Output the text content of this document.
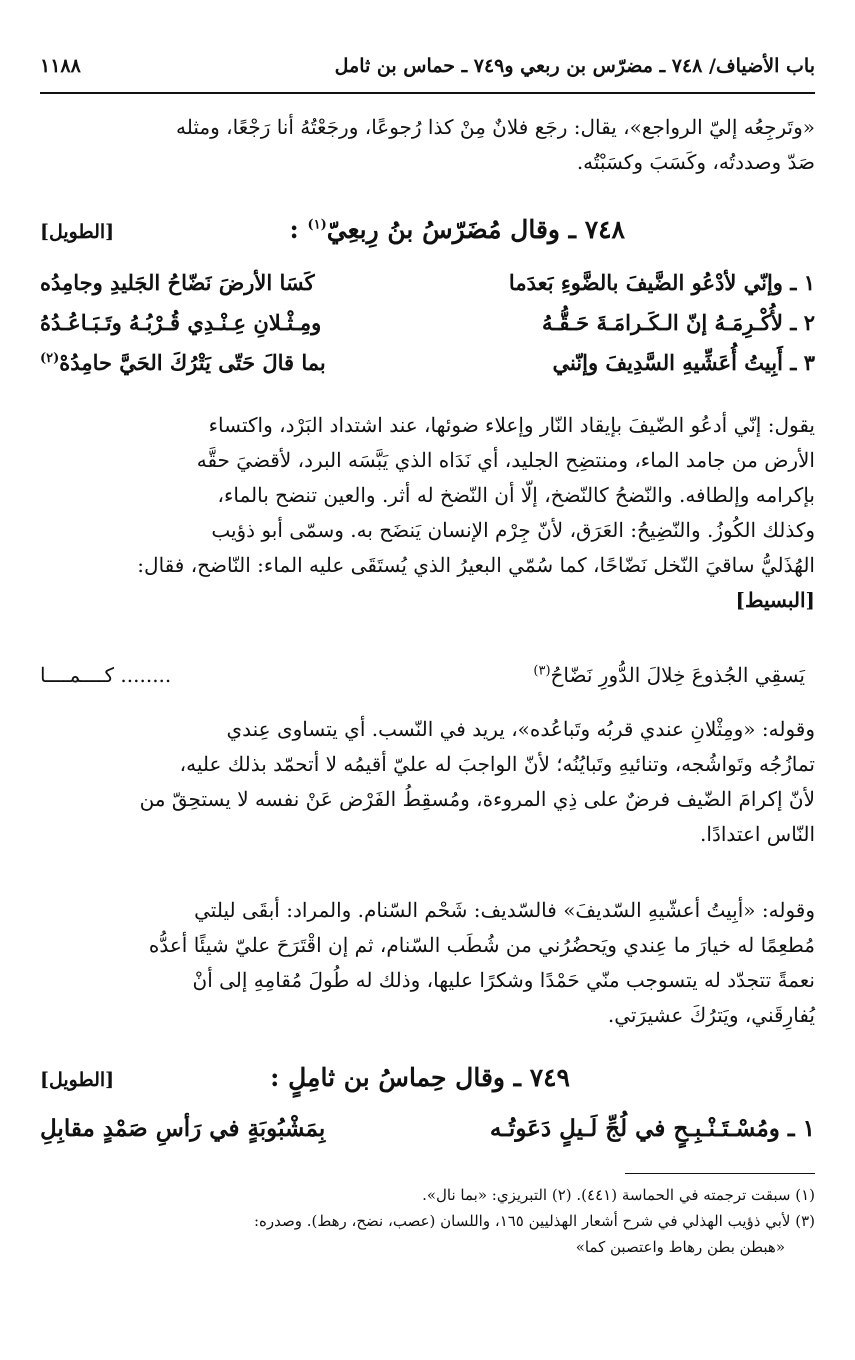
باب الأضياف/ ٧٤٨ ـ مضرّس بن ربعي و٧٤٩ ـ حماس بن ثامل
١١٨٨
«وتَرجِعُه إليّ الرواجع»، يقال: رجَع فلانٌ مِنْ كذا رُجوعًا، ورجَعْتُهُ أنا رَجْعًا، ومثله
صَدّ وصددتُه، وكَسَبَ وكسَبْتُه.
٧٤٨ ـ وقال مُضَرّسُ بنُ رِبعِيّ$^{(١)}$ :
[الطويل]
١ ـ وإنّي لأدْعُو الضَّيفَ بالضَّوءِ بَعدَما
كَسَا الأرضَ نَضّاحُ الجَليدِ وجامِدُه
٢ ـ لأُكْـرِمَـهُ إنّ الـكَـرامَـةَ حَـقُّـهُ
ومِـثْـلانِ عِـنْـدِي قُـرْبُـهُ وتَـبَـاعُـدُهُ
٣ ـ أَبِيتُ أُعَشِّيهِ السَّدِيفَ وإنّني
بما قالَ حَتّى يَتْرُكَ الحَيَّ حامِدُهْ$^{(٢)}$
يقول: إنّي أدعُو الضّيفَ بإيقاد النّار وإعلاء ضوئها، عند اشتداد البَرْد، واكتساء
الأرض من جامد الماء، ومنتضِح الجليد، أي نَدَاه الذي يَبَّسَه البرد، لأقضيَ حقَّه
بإكرامه وإلطافه. والنّضحُ كالنّضخ، إلّا أن النّضخ له أثر. والعين تنضح بالماء،
وكذلك الكُوزُ. والنّضِيحُ: العَرَق، لأنّ جِرْم الإنسان يَنضَح به. وسمّى أبو ذؤيب
الهُذَليُّ ساقيَ النّخل نَضّاحًا، كما سُمّي البعيرُ الذي يُستَقَى عليه الماء: النّاضح، فقال:
[البسيط]
يَسقِي الجُذوعَ خِلالَ الدُّورِ نَضّاحُ$^{(٣)}$
........ كــــمــــا
وقوله: «ومِثْلانِ عندي قربُه وتَباعُده»، يريد في النّسب. أي يتساوى عِندي
تمازُجُه وتَواشُجه، وتنائيهِ وتَبايُنُه؛ لأنّ الواجبَ له عليّ أقيمُه لا أتحمّد بذلك عليه،
لأنّ إكرامَ الضّيف فرضٌ على ذِي المروءة، ومُسقِطُ الفَرْض عَنْ نفسه لا يستحِقّ من
النّاس اعتدادًا.
وقوله: «أبِيتُ أعشّيهِ السّديفَ» فالسّديف: شَحْم السّنام. والمراد: أبقَى ليلتي
مُطعِمًا له خيارَ ما عِندي ويَحضُرُني من شُطَب السّنام، ثم إن اقْتَرَحَ عليّ شيئًا أعدُّه
نعمةً تتجدّد له يتسوجب منّي حَمْدًا وشكرًا عليها، وذلك له طُولَ مُقامِهِ إلى أنْ
يُفارِقَني، ويَترُكَ عشيرَتي.
٧٤٩ ـ وقال حِماسُ بن ثامِلٍ :
[الطويل]
١ ـ ومُسْـتَـنْـبِـحٍ في لُجِّ لَـيلٍ دَعَوتُـه
بِمَشْبُوبَةٍ في رَأسِ صَمْدٍ مقابِلِ
(١) سبقت ترجمته في الحماسة (٤٤١). (٢) التبريزي: «بما نال».
(٣) لأبي ذؤيب الهذلي في شرح أشعار الهذليين ١٦٥، واللسان (عصب، نضح، رهط). وصدره:
«هبطن بطن رهاط واعتصبن كما»
